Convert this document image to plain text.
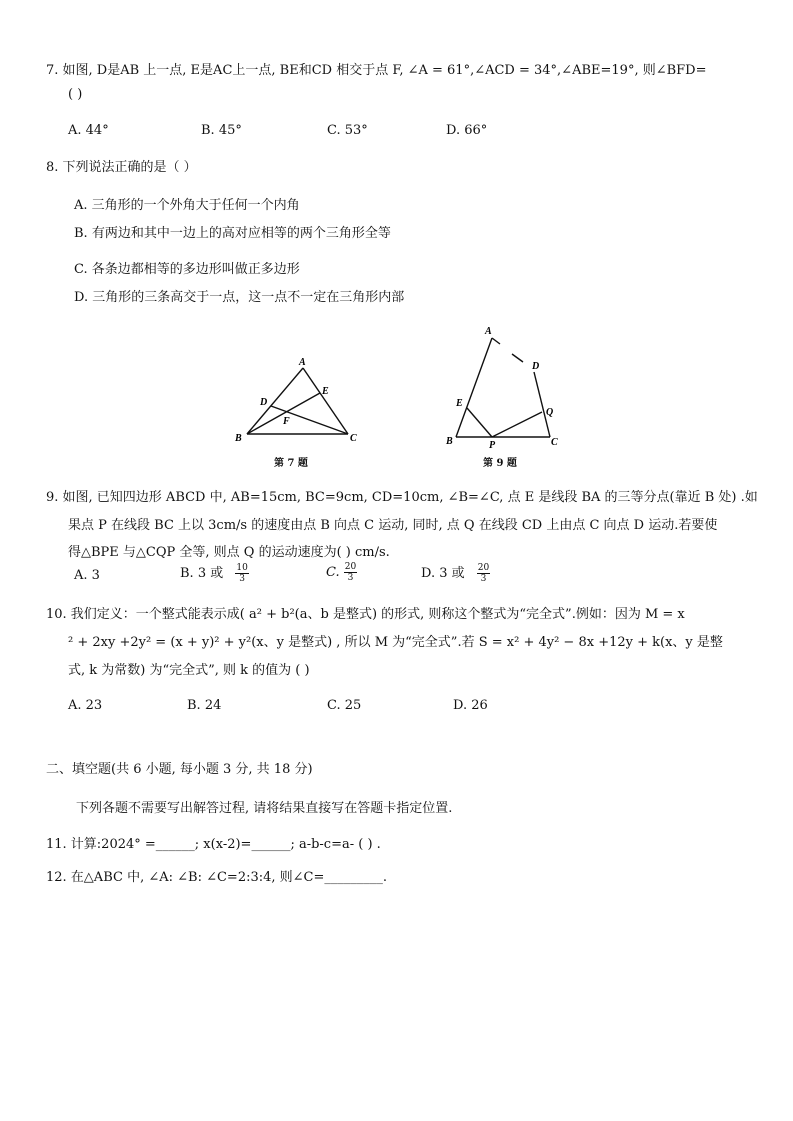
7. 如图, D是AB 上一点, E是AC上一点, BE和CD 相交于点 F, ∠A = 61°,∠ACD = 34°,∠ABE=19°, 则∠BFD=
( )
A. 44°	B. 45°	C. 53°	D. 66°
8. 下列说法正确的是（ ）
A. 三角形的一个外角大于任何一个内角
B. 有两边和其中一边上的高对应相等的两个三角形全等
C. 各条边都相等的多边形叫做正多边形
D. 三角形的三条高交于一点，这一点不一定在三角形内部
A
B	C
D
E
F
第 7 题
A
B	C
D
E
P
Q
第 9 题
9. 如图, 已知四边形 ABCD 中, AB=15cm, BC=9cm, CD=10cm, ∠B=∠C, 点 E 是线段 BA 的三等分点(靠近 B 处) .如
果点 P 在线段 BC 上以 3cm/s 的速度由点 B 向点 C 运动, 同时, 点 Q 在线段 CD 上由点 C 向点 D 运动.若要使
得△BPE 与△CQP 全等, 则点 Q 的运动速度为( ) cm/s.
A. 3	B. 3 或 $\frac{10}{3}$	C. $\frac{20}{3}$	D. 3 或 $\frac{20}{3}$
10. 我们定义：一个整式能表示成( a² + b²(a、b 是整式) 的形式, 则称这个整式为“完全式”.例如：因为 M = x
² + 2xy +2y² = (x + y)² + y²(x、y 是整式) , 所以 M 为“完全式”.若 S = x² + 4y² − 8x +12y + k(x、y 是整
式, k 为常数) 为“完全式”, 则 k 的值为 ( )
A. 23	B. 24	C. 25	D. 26
二、填空题(共 6 小题, 每小题 3 分, 共 18 分)
下列各题不需要写出解答过程, 请将结果直接写在答题卡指定位置.
11. 计算:2024° =______; x(x-2)=______; a-b-c=a- ( ) .
12. 在△ABC 中, ∠A: ∠B: ∠C=2:3:4, 则∠C=_________.
